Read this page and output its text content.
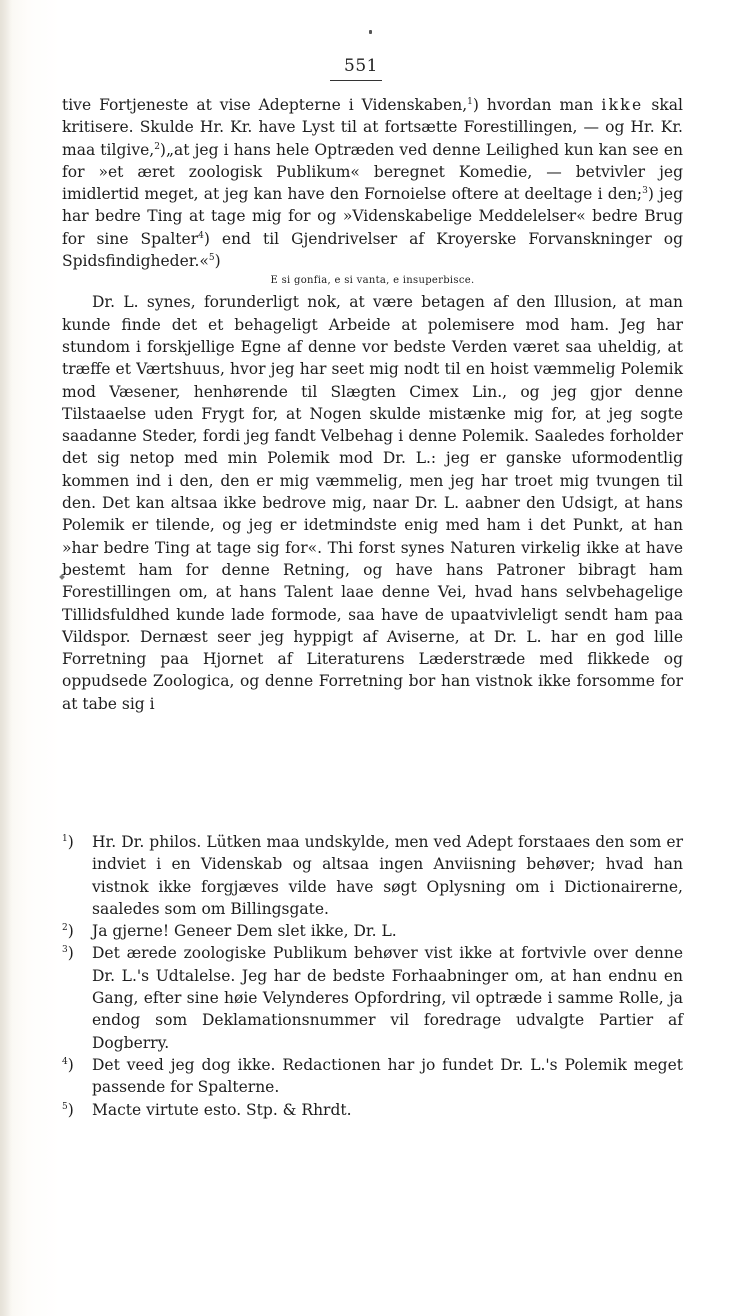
551

tive Fortjeneste at vise Adepterne i Videnskaben,$^1$) hvordan man ikke skal kritisere. Skulde Hr. Kr. have Lyst til at fortsætte Forestillingen, — og Hr. Kr. maa tilgive,$^2$)„at jeg i hans hele Optræden ved denne Leilighed kun kan see en for »et æret zoologisk Publikum« beregnet Komedie, — betvivler jeg imidlertid meget, at jeg kan have den Fornoielse oftere at deeltage i den;$^3$) jeg har bedre Ting at tage mig for og »Videnskabelige Meddelelser« bedre Brug for sine Spalter$^4$) end til Gjendrivelser af Kroyerske Forvanskninger og Spidsfindigheder.«$^5$)

E si gonfia, e si vanta, e insuperbisce.

Dr. L. synes, forunderligt nok, at være betagen af den Illusion, at man kunde finde det et behageligt Arbeide at polemisere mod ham. Jeg har stundom i forskjellige Egne af denne vor bedste Verden været saa uheldig, at træffe et Værtshuus, hvor jeg har seet mig nodt til en hoist væmmelig Polemik mod Væsener, henhørende til Slægten Cimex Lin., og jeg gjor denne Tilstaaelse uden Frygt for, at Nogen skulde mistænke mig for, at jeg sogte saadanne Steder, fordi jeg fandt Velbehag i denne Polemik. Saaledes forholder det sig netop med min Polemik mod Dr. L.: jeg er ganske uformodentlig kommen ind i den, den er mig væmmelig, men jeg har troet mig tvungen til den. Det kan altsaa ikke bedrove mig, naar Dr. L. aabner den Udsigt, at hans Polemik er tilende, og jeg er idetmindste enig med ham i det Punkt, at han »har bedre Ting at tage sig for«. Thi forst synes Naturen virkelig ikke at have bestemt ham for denne Retning, og have hans Patroner bibragt ham Forestillingen om, at hans Talent laae denne Vei, hvad hans selvbehagelige Tillidsfuldhed kunde lade formode, saa have de upaatvivleligt sendt ham paa Vildspor. Dernæst seer jeg hyppigt af Aviserne, at Dr. L. har en god lille Forretning paa Hjornet af Literaturens Læderstræde med flikkede og oppudsede Zoologica, og denne Forretning bor han vistnok ikke forsomme for at tabe sig i

$^1$) Hr. Dr. philos. Lütken maa undskylde, men ved Adept forstaaes den som er indviet i en Videnskab og altsaa ingen Anviisning behøver; hvad han vistnok ikke forgjæves vilde have søgt Oplysning om i Dictionairerne, saaledes som om Billingsgate.
$^2$) Ja gjerne! Geneer Dem slet ikke, Dr. L.
$^3$) Det ærede zoologiske Publikum behøver vist ikke at fortvivle over denne Dr. L.'s Udtalelse. Jeg har de bedste Forhaabninger om, at han endnu en Gang, efter sine høie Velynderes Opfordring, vil optræde i samme Rolle, ja endog som Deklamationsnummer vil foredrage udvalgte Partier af Dogberry.
$^4$) Det veed jeg dog ikke. Redactionen har jo fundet Dr. L.'s Polemik meget passende for Spalterne.
$^5$) Macte virtute esto. Stp. & Rhrdt.
